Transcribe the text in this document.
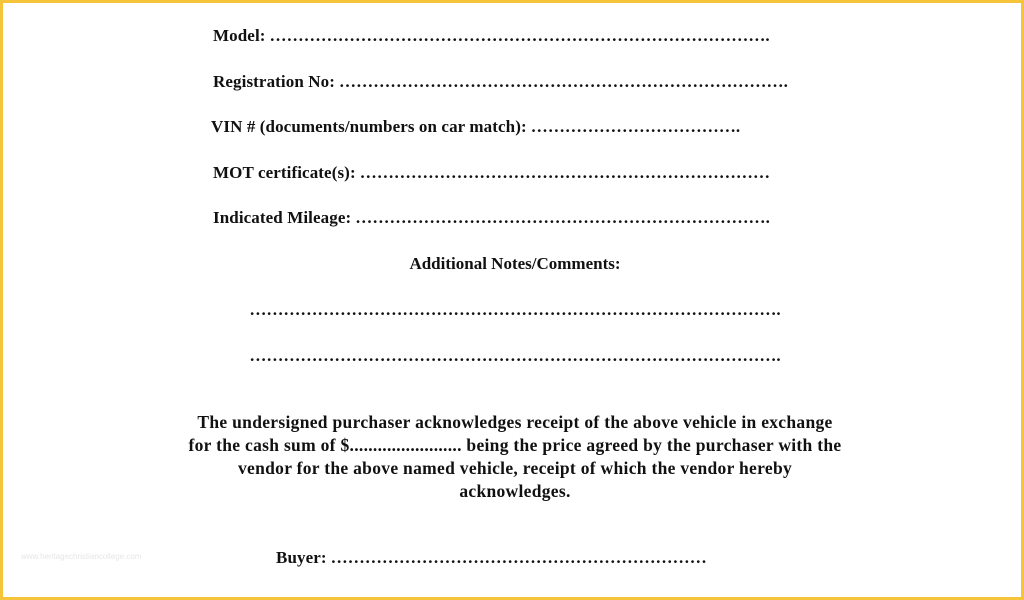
Model: …………………………………………………………………………….
Registration No: …………………………………………………………………….
VIN # (documents/numbers on car match): ……………………………….
MOT certificate(s): ………………………………………………………………
Indicated Mileage: ……………………………………………………………….
Additional Notes/Comments:
………………………………………………………………………………….
………………………………………………………………………………….
The undersigned purchaser acknowledges receipt of the above vehicle in exchange
for the cash sum of $........................ being the price agreed by the purchaser with the
vendor for the above named vehicle, receipt of which the vendor hereby
acknowledges.
Buyer: …………………………………………………………
www.heritagechristiancollege.com
